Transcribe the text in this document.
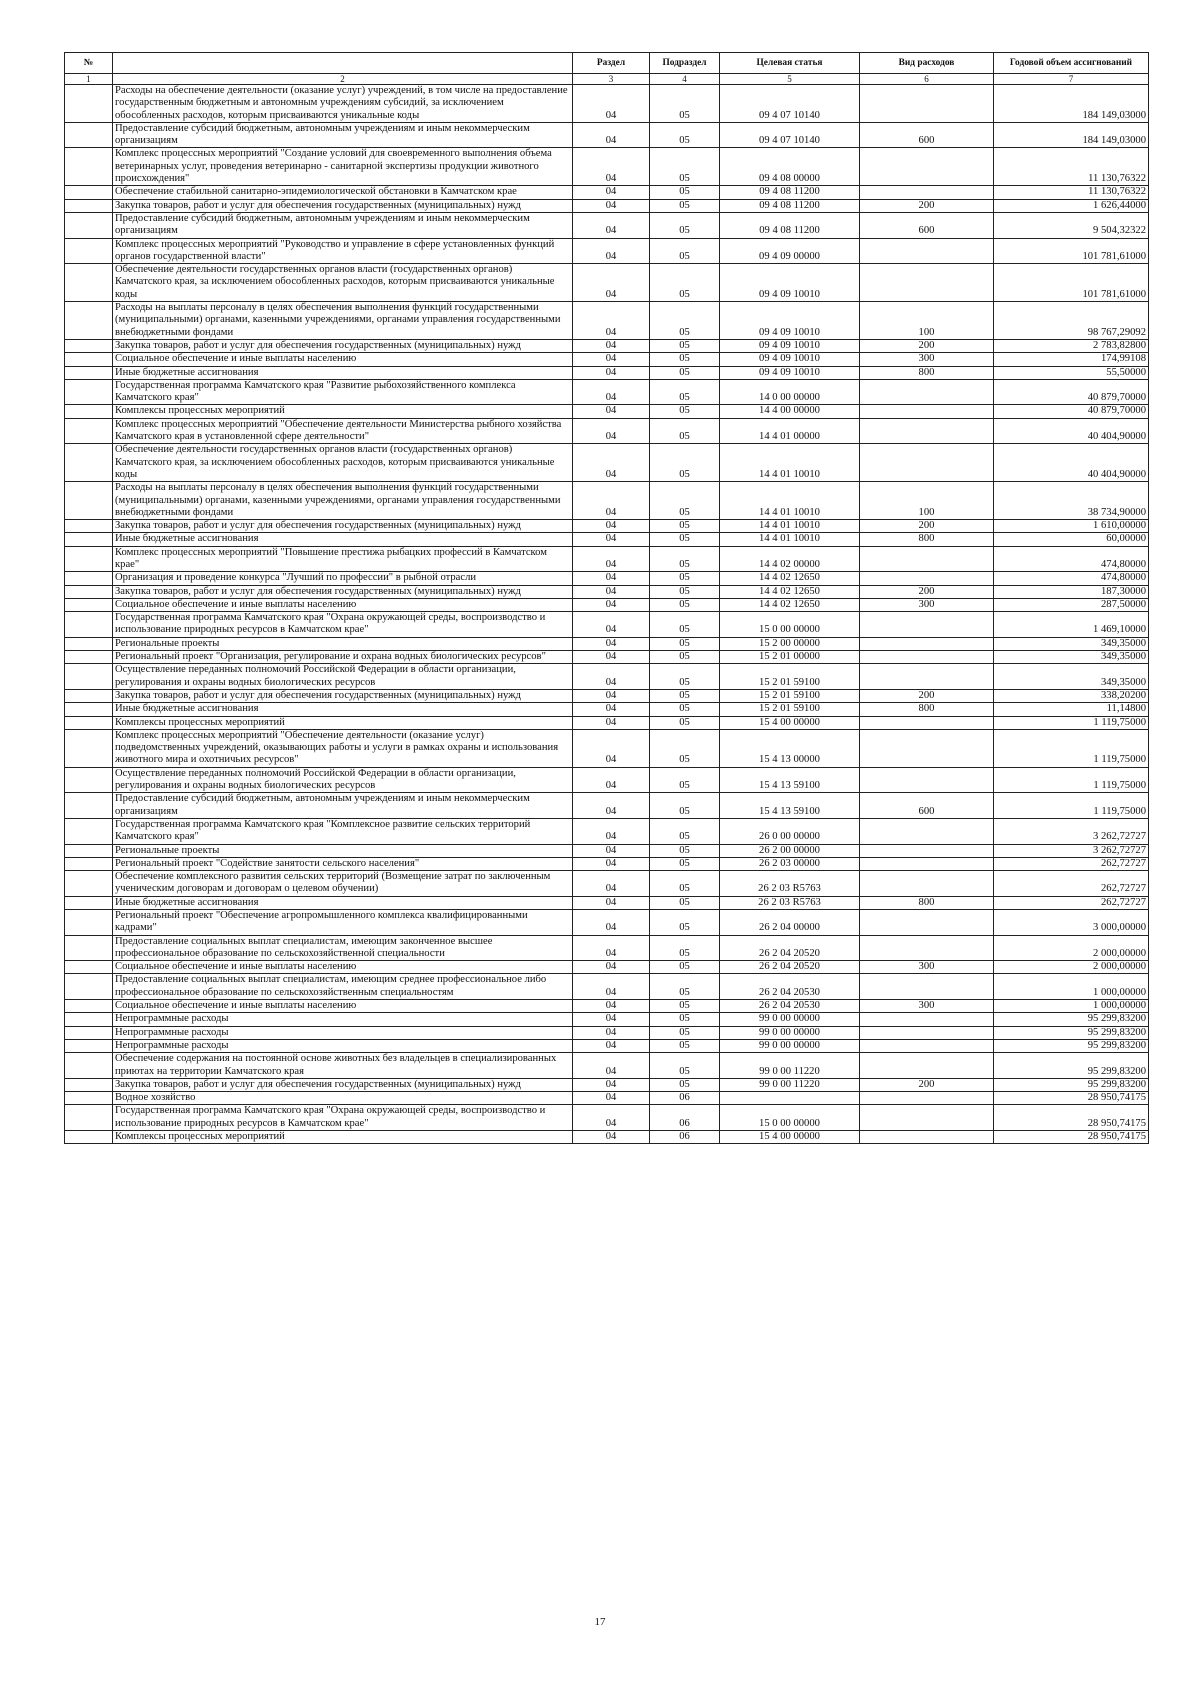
№		Раздел	Подраздел	Целевая статья	Вид расходов	Годовой объем ассигнований
1	2	3	4	5	6	7
	Расходы на обеспечение деятельности (оказание услуг) учреждений, в том числе на предоставление государственным бюджетным и автономным учреждениям субсидий, за исключением обособленных расходов, которым присваиваются уникальные коды	04	05	09 4 07 10140		184 149,03000
	Предоставление субсидий бюджетным, автономным учреждениям и иным некоммерческим организациям	04	05	09 4 07 10140	600	184 149,03000
	Комплекс процессных мероприятий "Создание условий для своевременного выполнения объема ветеринарных услуг, проведения ветеринарно - санитарной экспертизы продукции животного происхождения"	04	05	09 4 08 00000		11 130,76322
	Обеспечение стабильной санитарно-эпидемиологической обстановки в Камчатском крае	04	05	09 4 08 11200		11 130,76322
	Закупка товаров, работ и услуг для обеспечения государственных (муниципальных) нужд	04	05	09 4 08 11200	200	1 626,44000
	Предоставление субсидий бюджетным, автономным учреждениям и иным некоммерческим организациям	04	05	09 4 08 11200	600	9 504,32322
	Комплекс процессных мероприятий "Руководство и управление в сфере установленных функций органов государственной власти"	04	05	09 4 09 00000		101 781,61000
	Обеспечение деятельности государственных органов власти (государственных органов) Камчатского края, за исключением обособленных расходов, которым присваиваются уникальные коды	04	05	09 4 09 10010		101 781,61000
	Расходы на выплаты персоналу в целях обеспечения выполнения функций государственными (муниципальными) органами, казенными учреждениями, органами управления государственными внебюджетными фондами	04	05	09 4 09 10010	100	98 767,29092
	Закупка товаров, работ и услуг для обеспечения государственных (муниципальных) нужд	04	05	09 4 09 10010	200	2 783,82800
	Социальное обеспечение и иные выплаты населению	04	05	09 4 09 10010	300	174,99108
	Иные бюджетные ассигнования	04	05	09 4 09 10010	800	55,50000
	Государственная программа Камчатского края "Развитие рыбохозяйственного комплекса Камчатского края"	04	05	14 0 00 00000		40 879,70000
	Комплексы процессных мероприятий	04	05	14 4 00 00000		40 879,70000
	Комплекс процессных мероприятий "Обеспечение деятельности Министерства рыбного хозяйства Камчатского края в установленной сфере деятельности"	04	05	14 4 01 00000		40 404,90000
	Обеспечение деятельности государственных органов власти (государственных органов) Камчатского края, за исключением обособленных расходов, которым присваиваются уникальные коды	04	05	14 4 01 10010		40 404,90000
	Расходы на выплаты персоналу в целях обеспечения выполнения функций государственными (муниципальными) органами, казенными учреждениями, органами управления государственными внебюджетными фондами	04	05	14 4 01 10010	100	38 734,90000
	Закупка товаров, работ и услуг для обеспечения государственных (муниципальных) нужд	04	05	14 4 01 10010	200	1 610,00000
	Иные бюджетные ассигнования	04	05	14 4 01 10010	800	60,00000
	Комплекс процессных мероприятий "Повышение престижа рыбацких профессий в Камчатском крае"	04	05	14 4 02 00000		474,80000
	Организация и проведение конкурса "Лучший по профессии" в рыбной отрасли	04	05	14 4 02 12650		474,80000
	Закупка товаров, работ и услуг для обеспечения государственных (муниципальных) нужд	04	05	14 4 02 12650	200	187,30000
	Социальное обеспечение и иные выплаты населению	04	05	14 4 02 12650	300	287,50000
	Государственная программа Камчатского края "Охрана окружающей среды, воспроизводство и использование природных ресурсов в Камчатском крае"	04	05	15 0 00 00000		1 469,10000
	Региональные проекты	04	05	15 2 00 00000		349,35000
	Региональный проект "Организация, регулирование и охрана водных биологических ресурсов"	04	05	15 2 01 00000		349,35000
	Осуществление переданных полномочий Российской Федерации в области организации, регулирования и охраны водных биологических ресурсов	04	05	15 2 01 59100		349,35000
	Закупка товаров, работ и услуг для обеспечения государственных (муниципальных) нужд	04	05	15 2 01 59100	200	338,20200
	Иные бюджетные ассигнования	04	05	15 2 01 59100	800	11,14800
	Комплексы процессных мероприятий	04	05	15 4 00 00000		1 119,75000
	Комплекс процессных мероприятий "Обеспечение деятельности (оказание услуг) подведомственных учреждений, оказывающих работы и услуги в рамках охраны и использования животного мира и охотничьих ресурсов"	04	05	15 4 13 00000		1 119,75000
	Осуществление переданных полномочий Российской Федерации в области организации, регулирования и охраны водных биологических ресурсов	04	05	15 4 13 59100		1 119,75000
	Предоставление субсидий бюджетным, автономным учреждениям и иным некоммерческим организациям	04	05	15 4 13 59100	600	1 119,75000
	Государственная программа Камчатского края "Комплексное развитие сельских территорий Камчатского края"	04	05	26 0 00 00000		3 262,72727
	Региональные проекты	04	05	26 2 00 00000		3 262,72727
	Региональный проект "Содействие занятости сельского населения"	04	05	26 2 03 00000		262,72727
	Обеспечение комплексного развития сельских территорий (Возмещение затрат по заключенным ученическим договорам и договорам о целевом обучении)	04	05	26 2 03 R5763		262,72727
	Иные бюджетные ассигнования	04	05	26 2 03 R5763	800	262,72727
	Региональный проект "Обеспечение агропромышленного комплекса квалифицированными кадрами"	04	05	26 2 04 00000		3 000,00000
	Предоставление социальных выплат специалистам, имеющим законченное высшее профессиональное образование по сельскохозяйственной специальности	04	05	26 2 04 20520		2 000,00000
	Социальное обеспечение и иные выплаты населению	04	05	26 2 04 20520	300	2 000,00000
	Предоставление социальных выплат специалистам, имеющим среднее профессиональное либо профессиональное образование по сельскохозяйственным специальностям	04	05	26 2 04 20530		1 000,00000
	Социальное обеспечение и иные выплаты населению	04	05	26 2 04 20530	300	1 000,00000
	Непрограммные расходы	04	05	99 0 00 00000		95 299,83200
	Непрограммные расходы	04	05	99 0 00 00000		95 299,83200
	Непрограммные расходы	04	05	99 0 00 00000		95 299,83200
	Обеспечение содержания на постоянной основе животных без владельцев в специализированных приютах на территории Камчатского края	04	05	99 0 00 11220		95 299,83200
	Закупка товаров, работ и услуг для обеспечения государственных (муниципальных) нужд	04	05	99 0 00 11220	200	95 299,83200
	Водное хозяйство	04	06			28 950,74175
	Государственная программа Камчатского края "Охрана окружающей среды, воспроизводство и использование природных ресурсов в Камчатском крае"	04	06	15 0 00 00000		28 950,74175
	Комплексы процессных мероприятий	04	06	15 4 00 00000		28 950,74175
17
